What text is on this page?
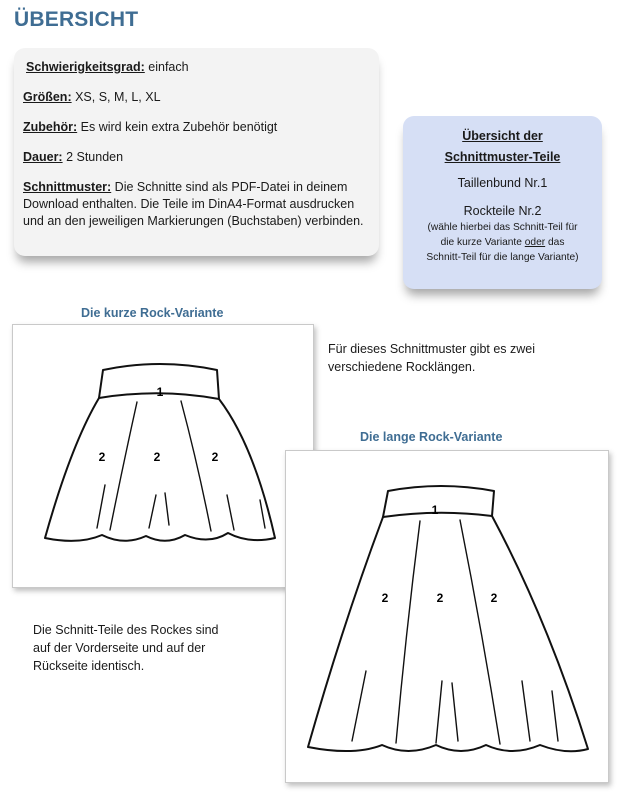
ÜBERSICHT
Schwierigkeitsgrad: einfach
Größen: XS, S, M, L, XL
Zubehör: Es wird kein extra Zubehör benötigt
Dauer: 2 Stunden
Schnittmuster: Die Schnitte sind als PDF-Datei in deinem
Download enthalten. Die Teile im DinA4-Format ausdrucken
und an den jeweiligen Markierungen (Buchstaben) verbinden.
Übersicht der
Schnittmuster-Teile
Taillenbund Nr.1
Rockteile Nr.2
(wähle hierbei das Schnitt-Teil für
die kurze Variante oder das
Schnitt-Teil für die lange Variante)
Die kurze Rock-Variante
1
2	2	2
Für dieses Schnittmuster gibt es zwei
verschiedene Rocklängen.
Die lange Rock-Variante
1
2	2	2
Die Schnitt-Teile des Rockes sind
auf der Vorderseite und auf der
Rückseite identisch.
